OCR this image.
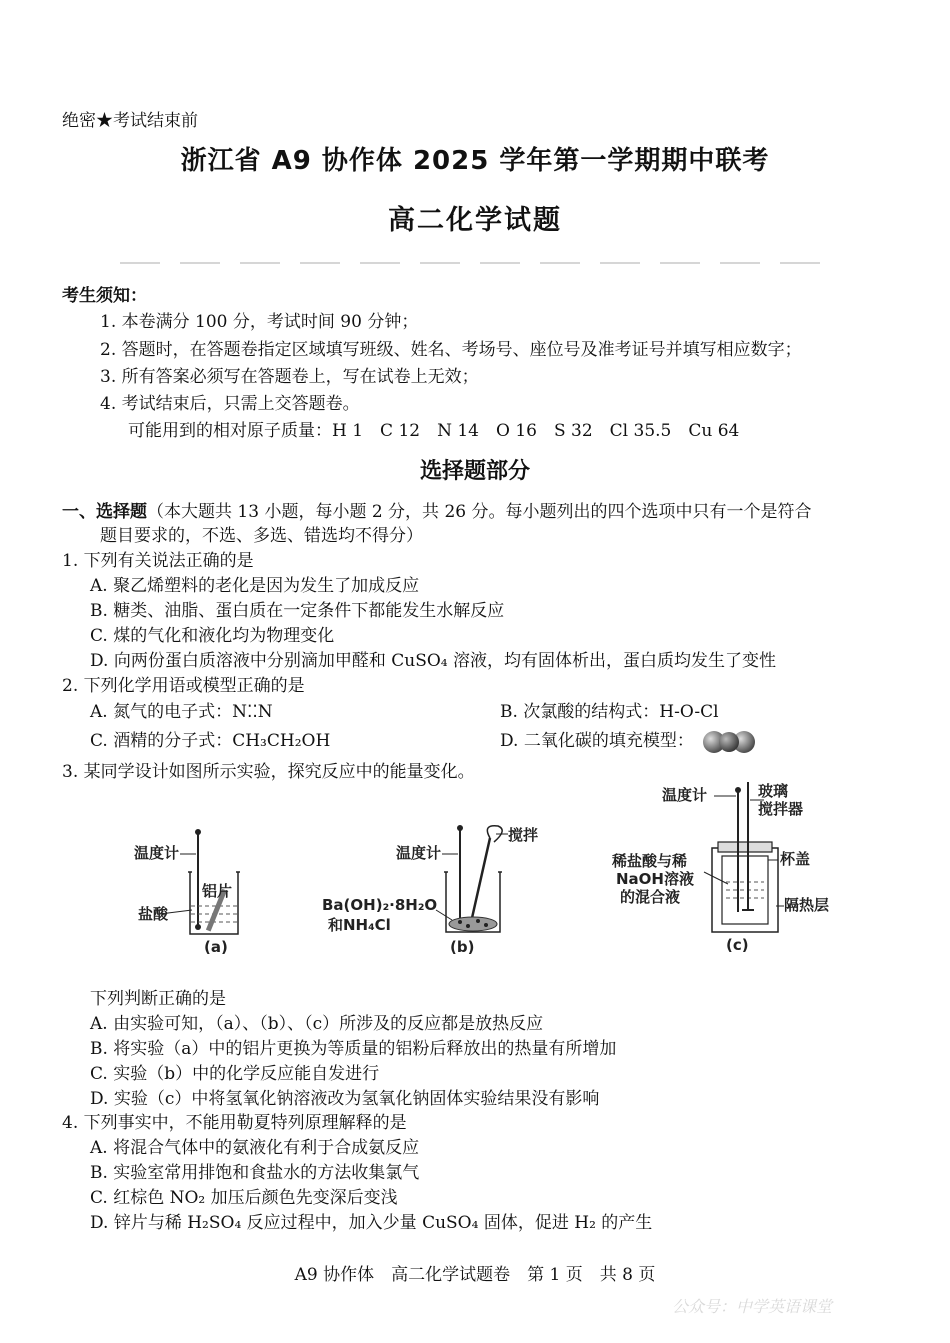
绝密★考试结束前
浙江省 A9 协作体 2025 学年第一学期期中联考
高二化学试题
考生须知：
1. 本卷满分 100 分，考试时间 90 分钟；
2. 答题时，在答题卷指定区域填写班级、姓名、考场号、座位号及准考证号并填写相应数字；
3. 所有答案必须写在答题卷上，写在试卷上无效；
4. 考试结束后，只需上交答题卷。
可能用到的相对原子质量：H 1　C 12　N 14　O 16　S 32　Cl 35.5　Cu 64
选择题部分
一、选择题（本大题共 13 小题，每小题 2 分，共 26 分。每小题列出的四个选项中只有一个是符合
题目要求的，不选、多选、错选均不得分）
1. 下列有关说法正确的是
A. 聚乙烯塑料的老化是因为发生了加成反应
B. 糖类、油脂、蛋白质在一定条件下都能发生水解反应
C. 煤的气化和液化均为物理变化
D. 向两份蛋白质溶液中分别滴加甲醛和 CuSO₄ 溶液，均有固体析出，蛋白质均发生了变性
2. 下列化学用语或模型正确的是
A. 氮气的电子式：N⁚⁚N	B. 次氯酸的结构式：H-O-Cl
C. 酒精的分子式：CH₃CH₂OH	D. 二氧化碳的填充模型：
3. 某同学设计如图所示实验，探究反应中的能量变化。
温度计
铝片
盐酸
(a)
温度计
搅拌
Ba(OH)₂·8H₂O
和NH₄Cl
(b)
温度计	玻璃
搅拌器
稀盐酸与稀
NaOH溶液
的混合液
杯盖
隔热层
(c)
下列判断正确的是
A. 由实验可知，（a）、（b）、（c）所涉及的反应都是放热反应
B. 将实验（a）中的铝片更换为等质量的铝粉后释放出的热量有所增加
C. 实验（b）中的化学反应能自发进行
D. 实验（c）中将氢氧化钠溶液改为氢氧化钠固体实验结果没有影响
4. 下列事实中，不能用勒夏特列原理解释的是
A. 将混合气体中的氨液化有利于合成氨反应
B. 实验室常用排饱和食盐水的方法收集氯气
C. 红棕色 NO₂ 加压后颜色先变深后变浅
D. 锌片与稀 H₂SO₄ 反应过程中，加入少量 CuSO₄ 固体，促进 H₂ 的产生
A9 协作体　高二化学试题卷　第 1 页　共 8 页
公众号：中学英语课堂
